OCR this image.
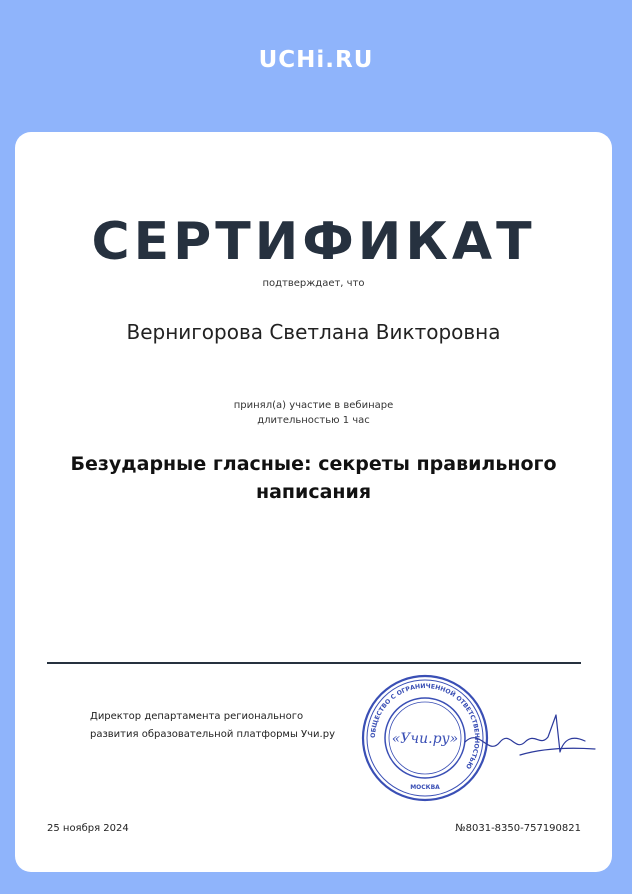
UCHi.RU
СЕРТИФИКАТ
подтверждает, что
Вернигорова Светлана Викторовна
принял(а) участие в вебинаре
длительностью 1 час
Безударные гласные: секреты правильного написания
Директор департамента регионального
развития образовательной платформы Учи.ру	ОБЩЕСТВО С ОГРАНИЧЕННОЙ ОТВЕТСТВЕННОСТЬЮ
«Учи.ру»
МОСКВА
25 ноября 2024	№8031-8350-757190821
